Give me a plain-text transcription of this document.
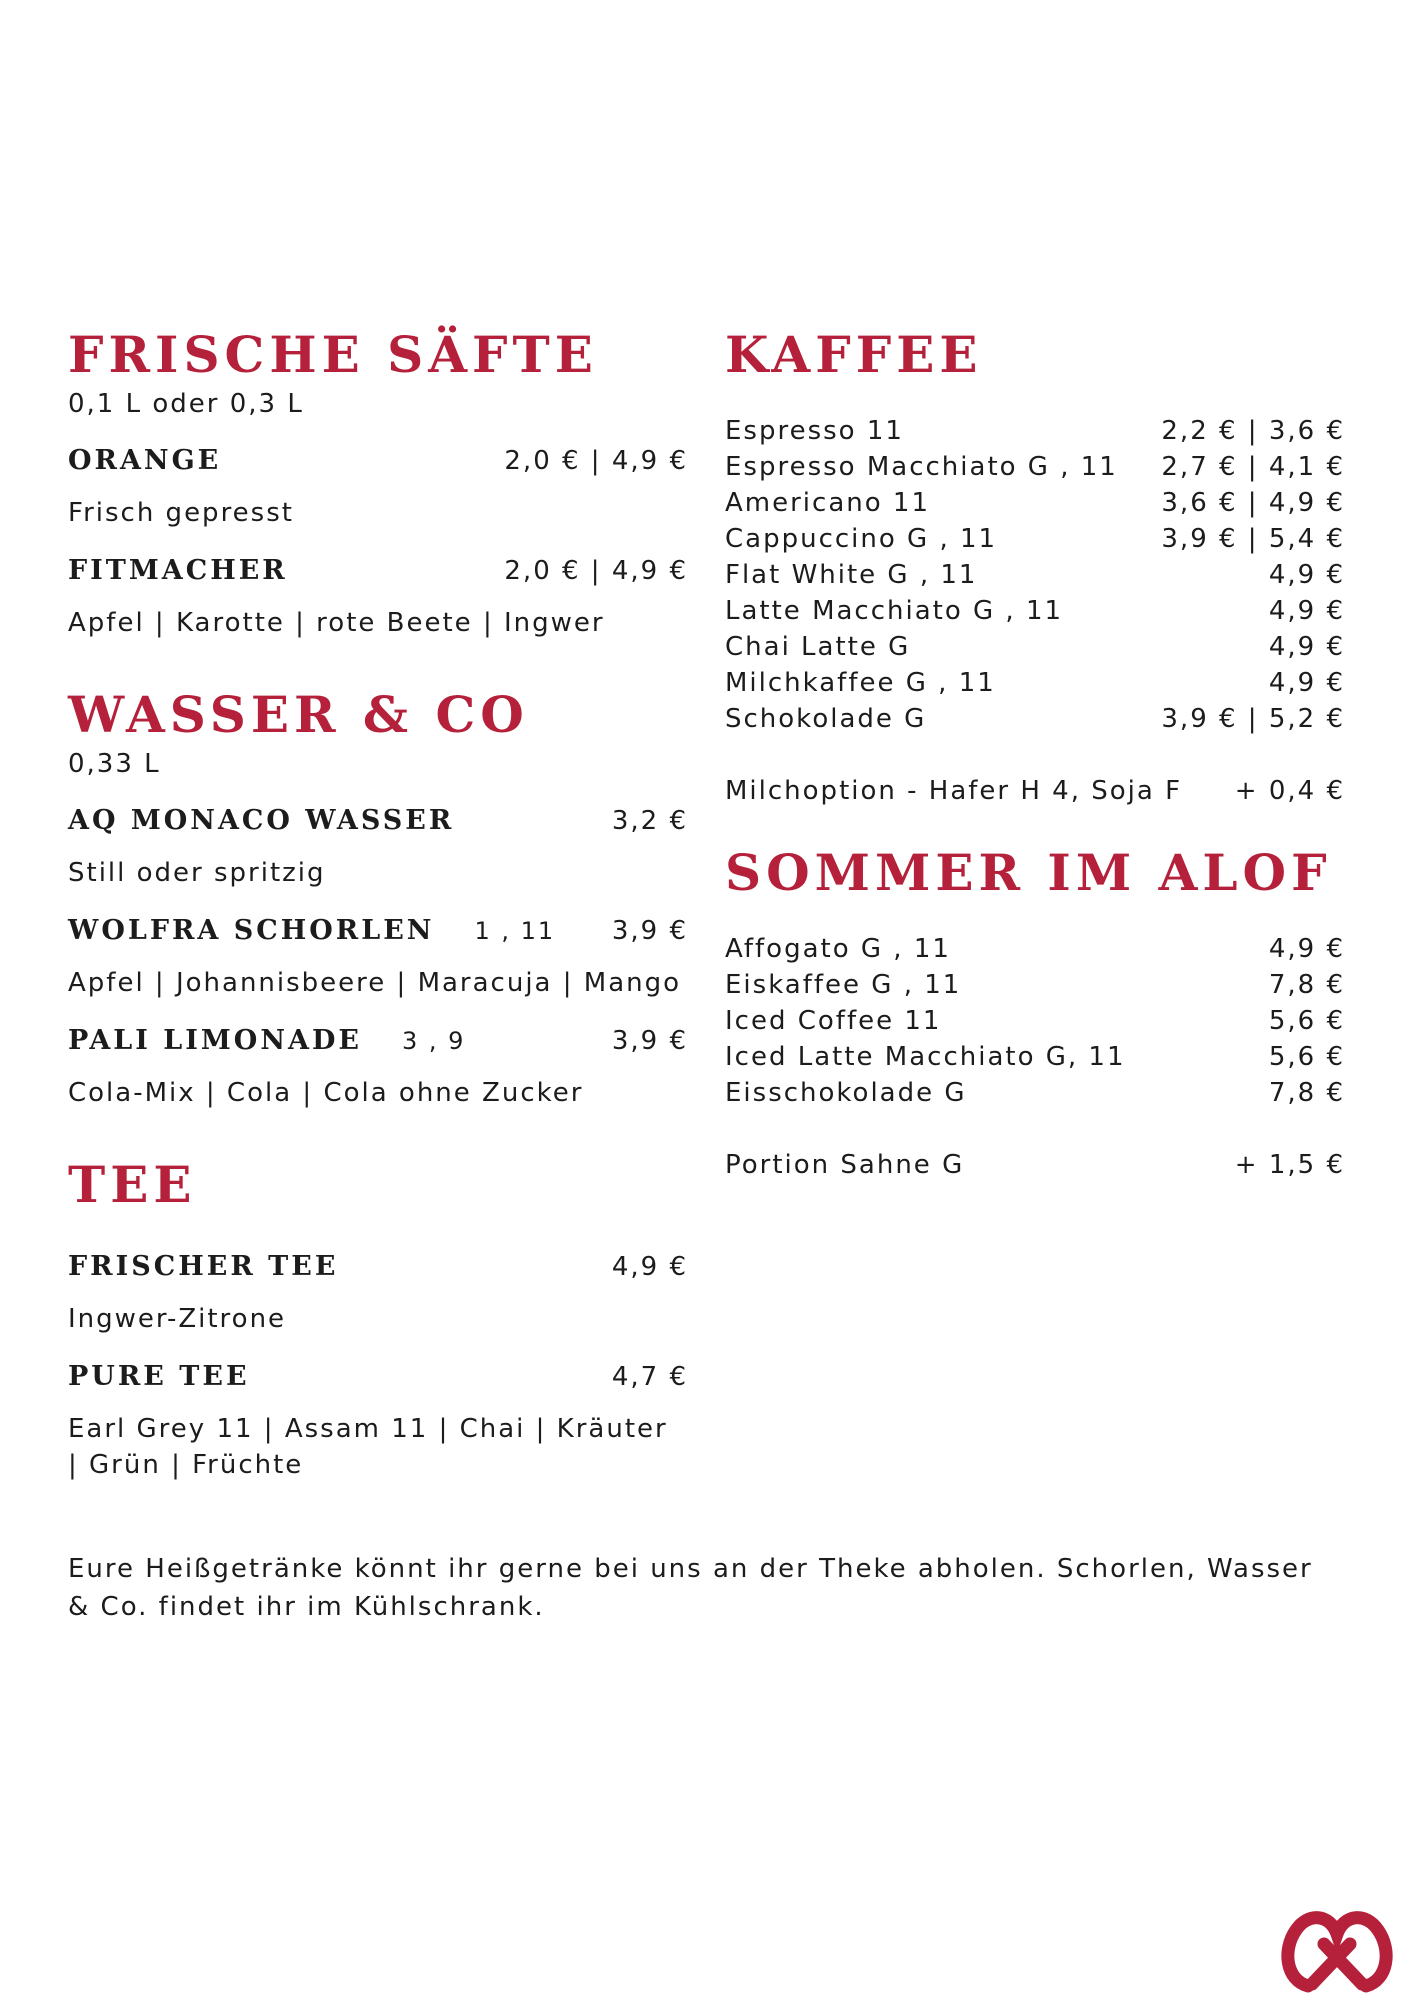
FRISCHE SÄFTE
0,1 L oder 0,3 L
ORANGE	2,0 € | 4,9 €
Frisch gepresst
FITMACHER	2,0 € | 4,9 €
Apfel | Karotte | rote Beete | Ingwer
WASSER & CO
0,33 L
AQ MONACO WASSER	3,2 €
Still oder spritzig
WOLFRA SCHORLEN 1 , 11 3,9 €
Apfel | Johannisbeere | Maracuja | Mango
PALI LIMONADE 3 , 9	3,9 €
Cola-Mix | Cola | Cola ohne Zucker
TEE
FRISCHER TEE	4,9 €
Ingwer-Zitrone
PURE TEE	4,7 €
Earl Grey 11 | Assam 11 | Chai | Kräuter | Grün | Früchte
KAFFEE
Espresso 11	2,2 € | 3,6 €
Espresso Macchiato G , 11 2,7 € | 4,1 €
Americano 11	3,6 € | 4,9 €
Cappuccino G , 11	3,9 € | 5,4 €
Flat White G , 11	4,9 €
Latte Macchiato G , 11	4,9 €
Chai Latte G	4,9 €
Milchkaffee G , 11	4,9 €
Schokolade G	3,9 € | 5,2 €
Milchoption - Hafer H 4, Soja F + 0,4 €
SOMMER IM ALOF
Affogato G , 11	4,9 €
Eiskaffee G , 11	7,8 €
Iced Coffee 11	5,6 €
Iced Latte Macchiato G, 11	5,6 €
Eisschokolade G	7,8 €
Portion Sahne G	+ 1,5 €
Eure Heißgetränke könnt ihr gerne bei uns an der Theke abholen. Schorlen, Wasser & Co. findet ihr im Kühlschrank.
